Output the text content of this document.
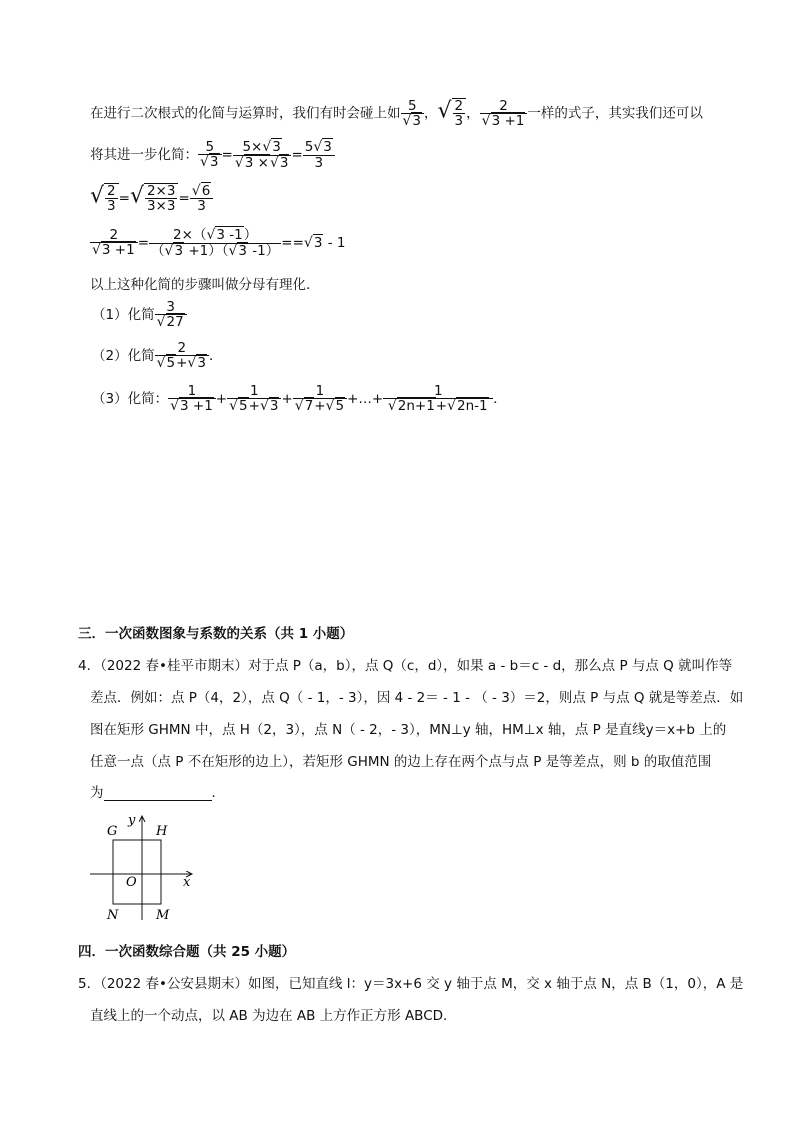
在进行二次根式的化简与运算时，我们有时会碰上如 $\frac{5}{√3}$ ，√ $\frac{2}{3}$ ， $\frac{2}{√3 +1}$ 一样的式子，其实我们还可以
将其进一步化简： $\frac{5}{√3} = \frac{5\times√3}{√3 \times√3} = \frac{5√3}{3}$
√ $\frac{2}{3}$ =√ $\frac{2\times 3}{3\times 3} = \frac{√6}{3}$
$\frac{2}{√3 +1} = \frac{2\times(√3 -1)}{(√3 +1)(√3 -1)} ==√3 - 1$
以上这种化简的步骤叫做分母有理化．
（1）化简 $\frac{3}{√27}$
（2）化简 $\frac{2}{√5+√3}$ ．
（3）化简： $\frac{1}{√3 +1} + \frac{1}{√5+√3} + \frac{1}{√7+√5}$ +…+ $\frac{1}{√2n+1+√2n-1}$ ．
三．一次函数图象与系数的关系（共 1 小题）
4．（2022 春•桂平市期末）对于点 P（a，b），点 Q（c，d），如果 a - b＝c - d，那么点 P 与点 Q 就叫作等
差点．例如：点 P（4，2），点 Q（ - 1，- 3），因 4 - 2＝ - 1 - （ - 3）＝2，则点 P 与点 Q 就是等差点．如
图在矩形 GHMN 中，点 H（2，3），点 N（ - 2，- 3），MN⊥y 轴，HM⊥x 轴，点 P 是直线y＝x+b 上的
任意一点（点 P 不在矩形的边上），若矩形 GHMN 的边上存在两个点与点 P 是等差点，则 b 的取值范围
为	．
G	H
N	M
O	x
y
四．一次函数综合题（共 25 小题）
5．（2022 春•公安县期末）如图，已知直线 l：y＝3x+6 交 y 轴于点 M，交 x 轴于点 N，点 B（1，0），A 是
直线上的一个动点，以 AB 为边在 AB 上方作正方形 ABCD．
